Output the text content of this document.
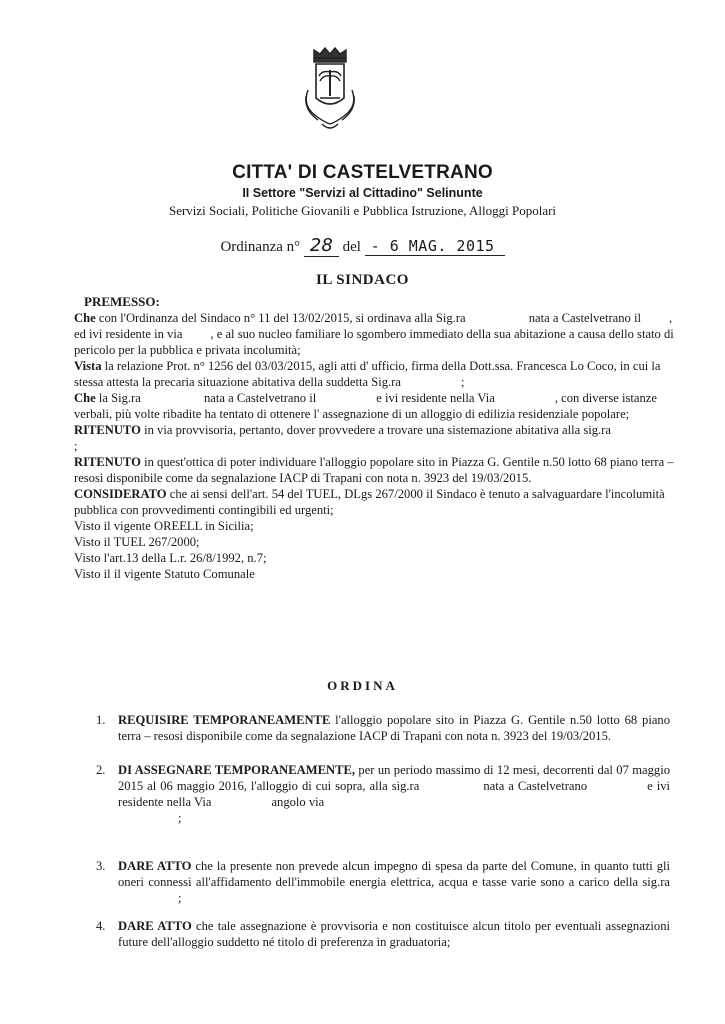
CITTA' DI CASTELVETRANO
II Settore "Servizi al Cittadino" Selinunte
Servizi Sociali, Politiche Giovanili e Pubblica Istruzione, Alloggi Popolari
Ordinanza n° 28 del - 6 MAG. 2015
IL SINDACO

PREMESSO:

Che con l'Ordinanza del Sindaco n° 11 del 13/02/2015, si ordinava alla Sig.ra	nata a Castelvetrano il , ed ivi residente in via , e al suo nucleo familiare lo sgombero immediato della sua abitazione a causa dello stato di pericolo per la pubblica e privata incolumità;

Vista la relazione Prot. n° 1256 del 03/03/2015, agli atti d' ufficio, firma della Dott.ssa. Francesca Lo Coco, in cui la stessa attesta la precaria situazione abitativa della suddetta Sig.ra	;

Che la Sig.ra	nata a Castelvetrano il	e ivi residente nella Via	, con diverse istanze verbali, più volte ribadite ha tentato di ottenere l' assegnazione di un alloggio di edilizia residenziale popolare;

RITENUTO in via provvisoria, pertanto, dover provvedere a trovare una sistemazione abitativa alla sig.ra;

RITENUTO in quest'ottica di poter individuare l'alloggio popolare sito in Piazza G. Gentile n.50 lotto 68 piano terra – resosi disponibile come da segnalazione IACP di Trapani con nota n. 3923 del 19/03/2015.

CONSIDERATO che ai sensi dell'art. 54 del TUEL, DLgs 267/2000 il Sindaco è tenuto a salvaguardare l'incolumità pubblica con provvedimenti contingibili ed urgenti;

Visto il vigente OREELL in Sicilia;

Visto il TUEL 267/2000;

Visto l'art.13 della L.r. 26/8/1992, n.7;

Visto il il vigente Statuto Comunale

ORDINA
1. REQUISIRE TEMPORANEAMENTE l'alloggio popolare sito in Piazza G. Gentile n.50 lotto 68 piano terra – resosi disponibile come da segnalazione IACP di Trapani con nota n. 3923 del 19/03/2015.
2. DI ASSEGNARE TEMPORANEAMENTE, per un periodo massimo di 12 mesi, decorrenti dal 07 maggio 2015 al 06 maggio 2016, l'alloggio di cui sopra, alla sig.ra	nata a Castelvetrano	e ivi residente nella Via	angolo via
;
3. DARE ATTO che la presente non prevede alcun impegno di spesa da parte del Comune, in quanto tutti gli oneri connessi all'affidamento dell'immobile energia elettrica, acqua e tasse varie sono a carico della sig.ra;
4. DARE ATTO che tale assegnazione è provvisoria e non costituisce alcun titolo per eventuali assegnazioni future dell'alloggio suddetto né titolo di preferenza in graduatoria;
